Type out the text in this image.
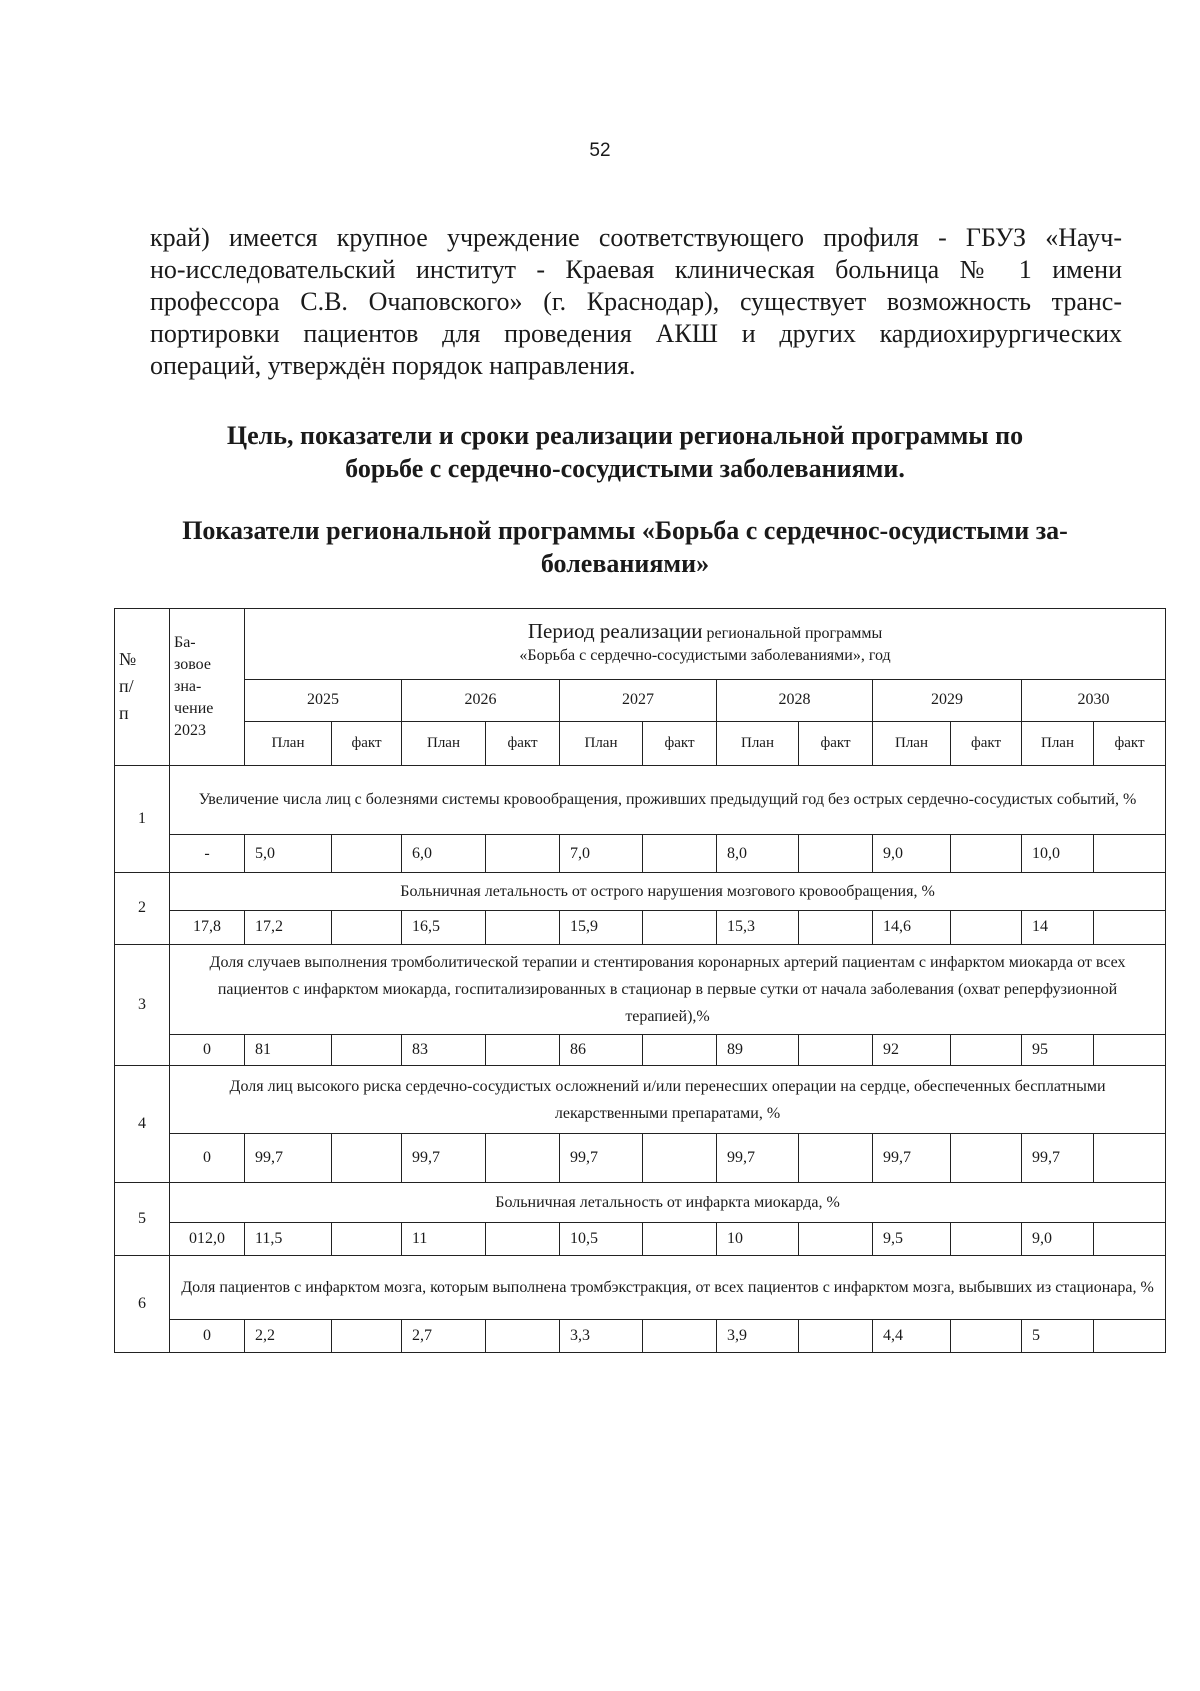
52
край) имеется крупное учреждение соответствующего профиля - ГБУЗ «Науч-
но-исследовательский институт - Краевая клиническая больница № 1 имени
профессора С.В. Очаповского» (г. Краснодар), существует возможность транс-
портировки пациентов для проведения АКШ и других кардиохирургических
операций, утверждён порядок направления.
Цель, показатели и сроки реализации региональной программы по
борьбе с сердечно-сосудистыми заболеваниями.
Показатели региональной программы «Борьба с сердечнос-осудистыми за-
болеваниями»
№
п/
п	Ба-
зовое
зна-
чение
2023	Период реализации региональной программы
«Борьба с сердечно-сосудистыми заболеваниями», год											
		2025		2026		2027		2028		2029		2030	
		План	факт	План	факт	План	факт	План	факт	План	факт	План	факт
1	Увеличение числа лиц с болезнями системы кровообращения, проживших предыдущий год без острых сердечно-сосудистых событий, %												
	-	5,0		6,0		7,0		8,0		9,0		10,0	
2	Больничная летальность от острого нарушения мозгового кровообращения, %												
	17,8	17,2		16,5		15,9		15,3		14,6		14	
3	Доля случаев выполнения тромболитической терапии и стентирования коронарных артерий пациентам с инфарктом миокарда от всех пациентов с инфарктом миокарда, госпитализированных в стационар в первые сутки от начала заболевания (охват реперфузионной терапией),%												
	0	81		83		86		89		92		95	
4	Доля лиц высокого риска сердечно-сосудистых осложнений и/или перенесших операции на сердце, обеспеченных бесплатными лекарственными препаратами, %												
	0	99,7		99,7		99,7		99,7		99,7		99,7	
5	Больничная летальность от инфаркта миокарда, %												
	012,0	11,5		11		10,5		10		9,5		9,0	
6	Доля пациентов с инфарктом мозга, которым выполнена тромбэкстракция, от всех пациентов с инфарктом мозга, выбывших из стационара, %												
	0	2,2		2,7		3,3		3,9		4,4		5	
